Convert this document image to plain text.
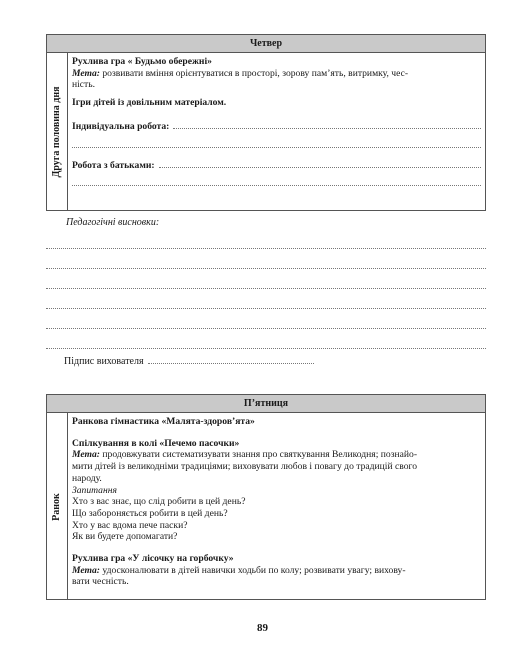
Четвер
Друга половина дня
Рухлива гра « Будьмо обережні»
Мета: розвивати вміння орієнтуватися в просторі, зорову пам’ять, витримку, чес-
ність.
Ігри дітей із довільним матеріалом.
Індивідуальна робота:
Робота з батьками:
Педагогічні висновки:
Підпис вихователя
П’ятниця
Ранок
Ранкова гімнастика «Малята-здоров’ята»
Спілкування в колі «Печемо пасочки»
Мета: продовжувати систематизувати знання про святкування Великодня; познайо-
мити дітей із великодніми традиціями; виховувати любов і повагу до традицій свого
народу.
Запитання
Хто з вас знає, що слід робити в цей день?
Що забороняється робити в цей день?
Хто у вас вдома пече паски?
Як ви будете допомагати?
Рухлива гра «У лісочку на горбочку»
Мета: удосконалювати в дітей навички ходьби по колу; розвивати увагу; вихову-
вати чесність.
89
